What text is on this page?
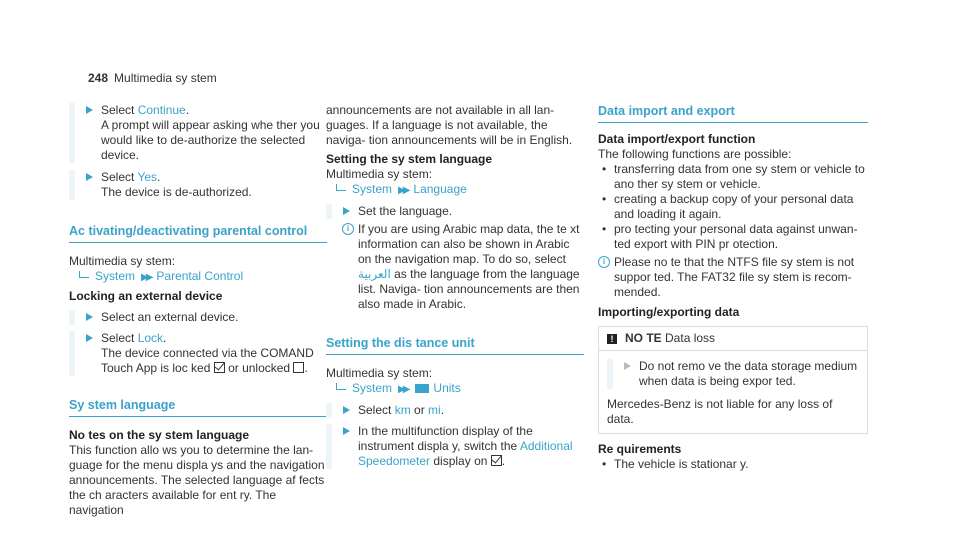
248 Multimedia sy stem
Select Continue.
A prompt will appear asking whe ther you would like to de-authorize the selected device.
Select Yes.
The device is de-authorized.
Ac tivating/deactivating parental control
Multimedia sy stem:
System ▶▶ Parental Control
Locking an external device
Select an external device.
Select Lock.
The device connected via the COMAND Touch App is loc ked  or unlocked .
Sy stem language
No tes on the sy stem language
This function allo ws you to determine the lan- guage for the menu displa ys and the navigation announcements. The selected language af fects the ch aracters available for ent ry. The navigation
announcements are not available in all lan- guages. If a language is not available, the naviga- tion announcements will be in English.
Setting the sy stem language
Multimedia sy stem:
System ▶▶ Language
Set the language.
i If you are using Arabic map data, the te xt information can also be shown in Arabic on the navigation map. To do so, select العربية as the language from the language list. Naviga- tion announcements are then also made in Arabic.
Setting the dis tance unit
Multimedia sy stem:
System ▶▶ Units
Select km or mi.
In the multifunction display of the instrument displa y, switch the Additional Speedometer display on .
Data import and export
Data import/export function
The following functions are possible:
• transferring data from one sy stem or vehicle to ano ther sy stem or vehicle.
• creating a backup copy of your personal data and loading it again.
• pro tecting your personal data against unwan- ted export with PIN pr otection.
i Please no te that the NTFS file sy stem is not suppor ted. The FAT32 file sy stem is recom- mended.
Importing/exporting data
! NO TE Data loss
Do not remo ve the data storage medium when data is being expor ted.
Mercedes-Benz is not liable for any loss of data.
Re quirements
• The vehicle is stationar y.
